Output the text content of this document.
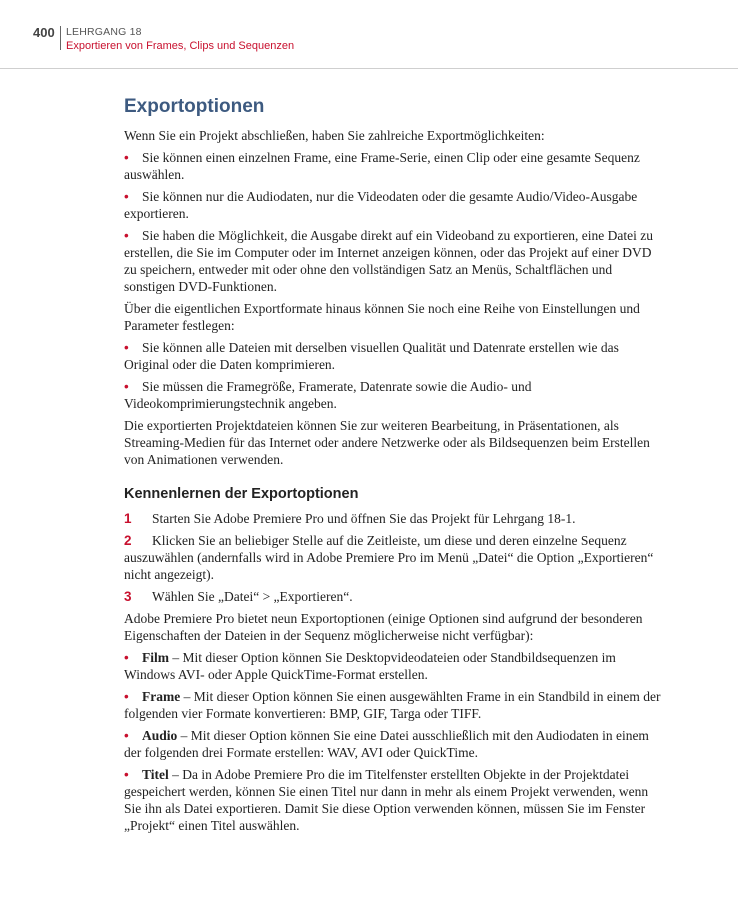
400 LEHRGANG 18
Exportieren von Frames, Clips und Sequenzen
Exportoptionen

Wenn Sie ein Projekt abschließen, haben Sie zahlreiche Exportmöglichkeiten:

• Sie können einen einzelnen Frame, eine Frame-Serie, einen Clip oder eine gesamte Sequenz auswählen.
• Sie können nur die Audiodaten, nur die Videodaten oder die gesamte Audio/Video-Ausgabe exportieren.
• Sie haben die Möglichkeit, die Ausgabe direkt auf ein Videoband zu exportieren, eine Datei zu erstellen, die Sie im Computer oder im Internet anzeigen können, oder das Projekt auf einer DVD zu speichern, entweder mit oder ohne den vollständigen Satz an Menüs, Schaltflächen und sonstigen DVD-Funktionen.

Über die eigentlichen Exportformate hinaus können Sie noch eine Reihe von Einstellungen und Parameter festlegen:

• Sie können alle Dateien mit derselben visuellen Qualität und Datenrate erstellen wie das Original oder die Daten komprimieren.
• Sie müssen die Framegröße, Framerate, Datenrate sowie die Audio- und Videokomprimierungstechnik angeben.

Die exportierten Projektdateien können Sie zur weiteren Bearbeitung, in Präsentationen, als Streaming-Medien für das Internet oder andere Netzwerke oder als Bildsequenzen beim Erstellen von Animationen verwenden.

Kennenlernen der Exportoptionen
1 Starten Sie Adobe Premiere Pro und öffnen Sie das Projekt für Lehrgang 18-1.
2 Klicken Sie an beliebiger Stelle auf die Zeitleiste, um diese und deren einzelne Sequenz auszuwählen (andernfalls wird in Adobe Premiere Pro im Menü „Datei“ die Option „Exportieren“ nicht angezeigt).
3 Wählen Sie „Datei“ > „Exportieren“.

Adobe Premiere Pro bietet neun Exportoptionen (einige Optionen sind aufgrund der besonderen Eigenschaften der Dateien in der Sequenz möglicherweise nicht verfügbar):

• Film – Mit dieser Option können Sie Desktopvideodateien oder Standbildsequenzen im Windows AVI- oder Apple QuickTime-Format erstellen.
• Frame – Mit dieser Option können Sie einen ausgewählten Frame in ein Standbild in einem der folgenden vier Formate konvertieren: BMP, GIF, Targa oder TIFF.
• Audio – Mit dieser Option können Sie eine Datei ausschließlich mit den Audiodaten in einem der folgenden drei Formate erstellen: WAV, AVI oder QuickTime.
• Titel – Da in Adobe Premiere Pro die im Titelfenster erstellten Objekte in der Projektdatei gespeichert werden, können Sie einen Titel nur dann in mehr als einem Projekt verwenden, wenn Sie ihn als Datei exportieren. Damit Sie diese Option verwenden können, müssen Sie im Fenster „Projekt“ einen Titel auswählen.
